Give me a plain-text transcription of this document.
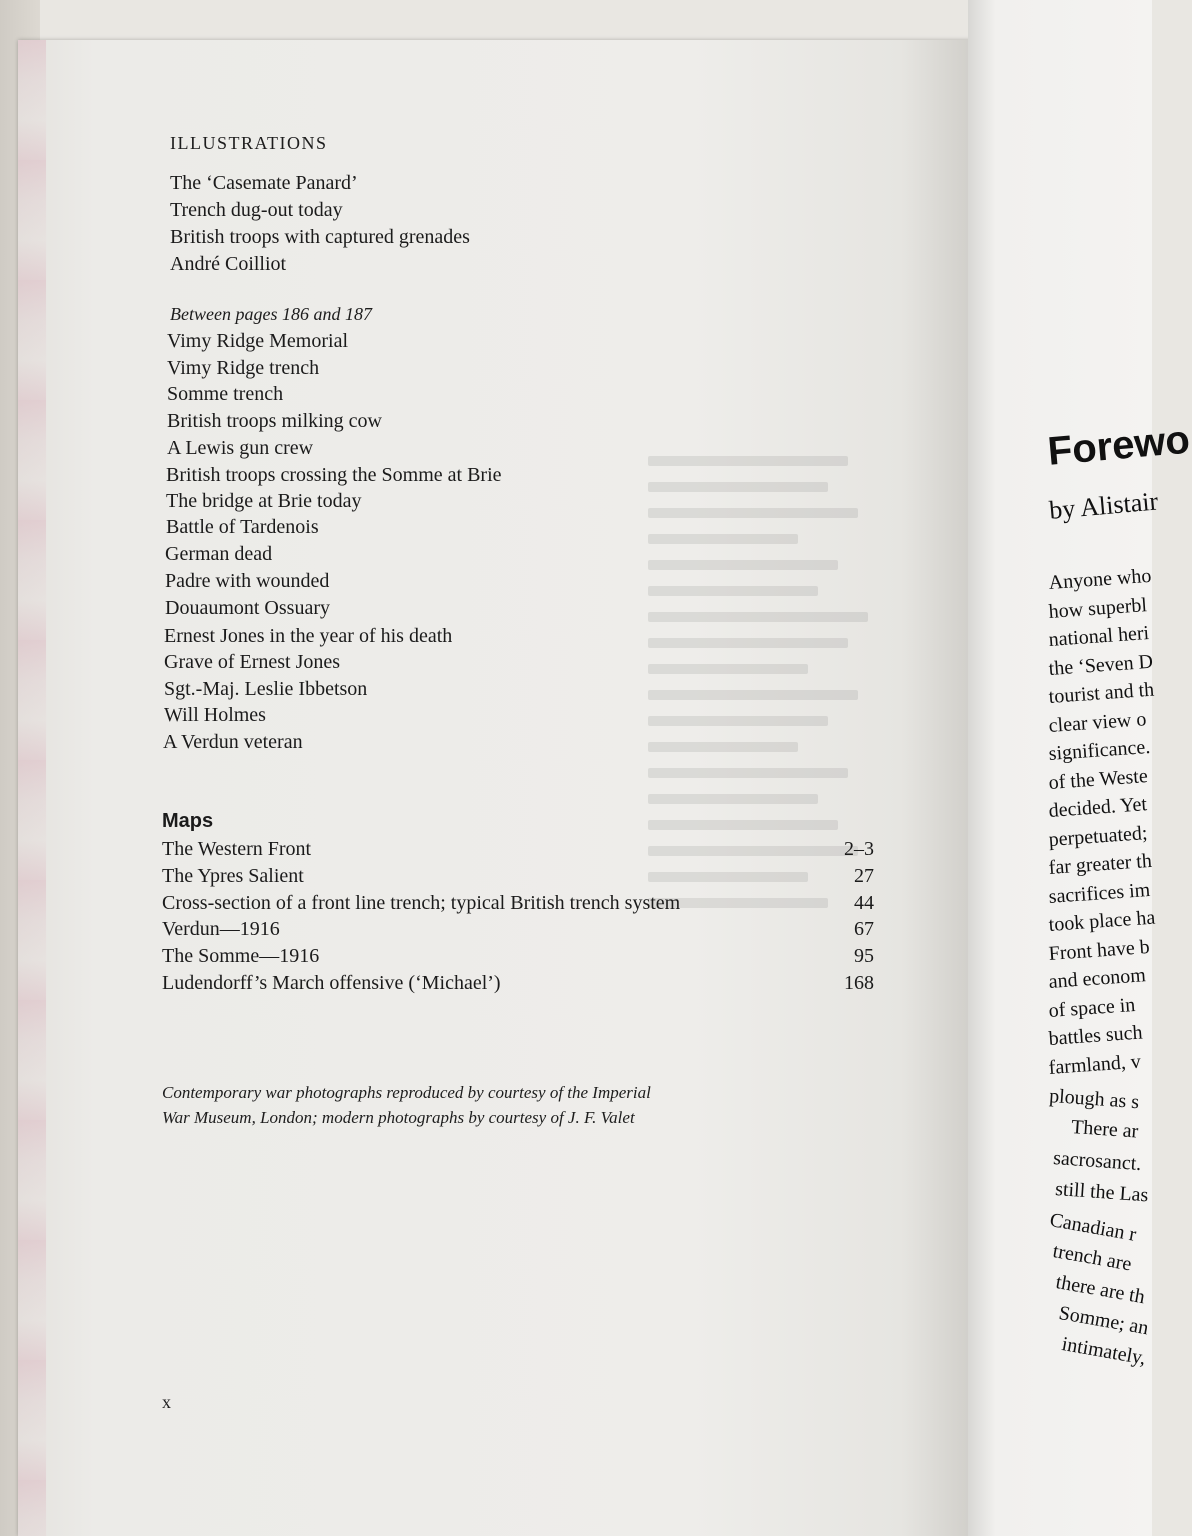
ILLUSTRATIONS

The ‘Casemate Panard’

Trench dug-out today

British troops with captured grenades

André Coilliot

Between pages 186 and 187

Vimy Ridge Memorial

Vimy Ridge trench

Somme trench

British troops milking cow

A Lewis gun crew

British troops crossing the Somme at Brie

The bridge at Brie today

Battle of Tardenois

German dead

Padre with wounded

Douaumont Ossuary

Ernest Jones in the year of his death

Grave of Ernest Jones

Sgt.-Maj. Leslie Ibbetson

Will Holmes

A Verdun veteran

Maps

The Western Front	2–3
The Ypres Salient	27
Cross-section of a front line trench; typical British trench system	44
Verdun—1916	67
The Somme—1916	95
Ludendorff’s March offensive (‘Michael’)	168
Contemporary war photographs reproduced by courtesy of the Imperial
War Museum, London; modern photographs by courtesy of J. F. Valet

x

Forewo
by Alistair
Anyone who
how superbl
national heri
the ‘Seven D
tourist and th
clear view o
significance.
of the Weste
decided. Yet
perpetuated;
far greater th
sacrifices im
took place ha
Front have b
and econom
of space in
battles such
farmland, v
plough as s
There ar
sacrosanct.
still the Las
Canadian r
trench are
there are th
Somme; an
intimately,
